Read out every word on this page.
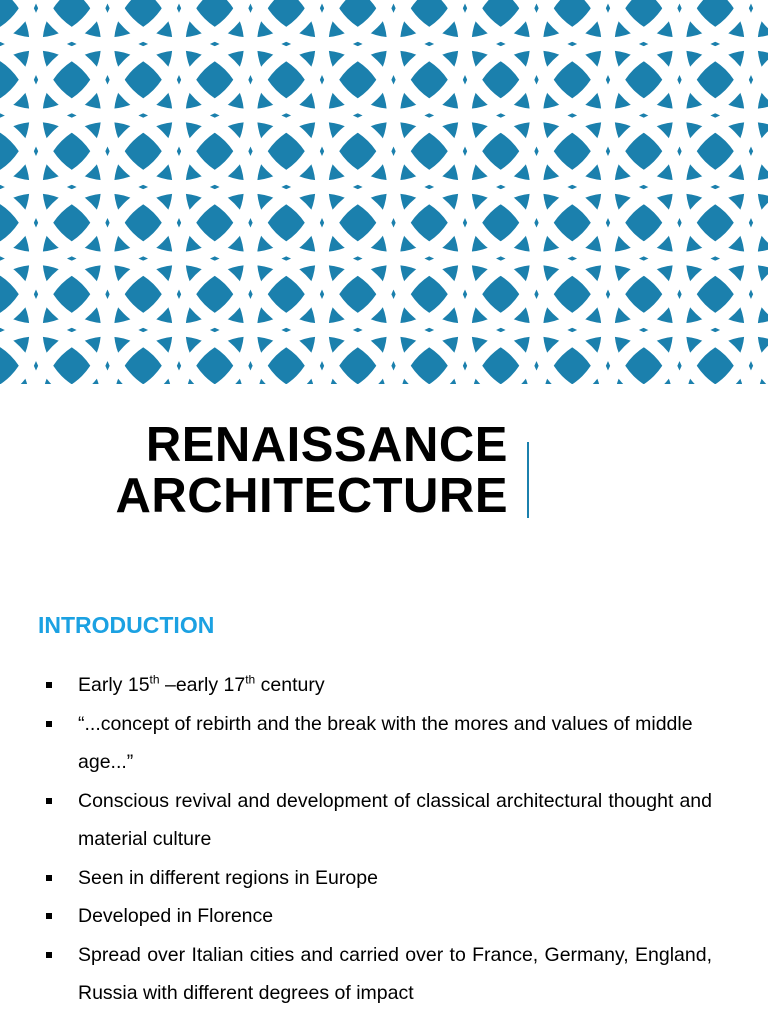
RENAISSANCE
ARCHITECTURE
INTRODUCTION
Early 15th –early 17th century
“...concept of rebirth and the break with the mores and values of middle age...”
Conscious revival and development of classical architectural thought and material culture
Seen in different regions in Europe
Developed in Florence
Spread over Italian cities and carried over to France, Germany, England, Russia with different degrees of impact
